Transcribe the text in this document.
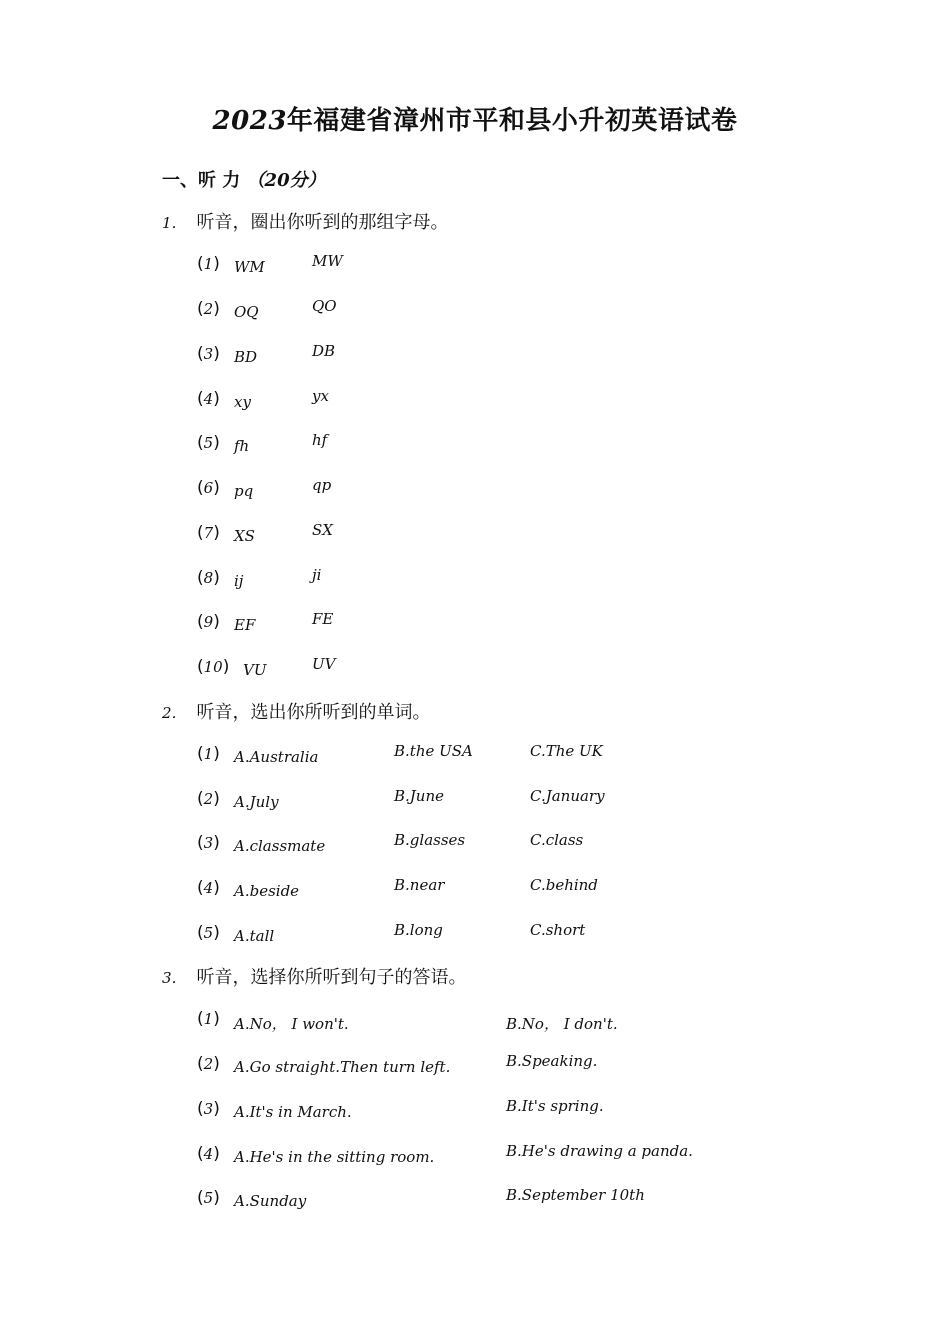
2023年福建省漳州市平和县小升初英语试卷
一、听 力 （20分）
1． 听音，圈出你听到的那组字母。
(1) WM	MW
(2) OQ	QO
(3) BD	DB
(4) xy	yx
(5) fh	hf
(6) pq	qp
(7) XS	SX
(8) ij	ji
(9) EF	FE
(10) VU	UV
2． 听音，选出你所听到的单词。
(1) A.Australia	B.the USA	C.The UK
(2) A.July	B.June	C.January
(3) A.classmate	B.glasses	C.class
(4) A.beside	B.near	C.behind
(5) A.tall	B.long	C.short
3． 听音，选择你所听到句子的答语。
(1) A.No， I won't.	B.No， I don't.
(2) A.Go straight.Then turn left.	B.Speaking.
(3) A.It's in March.	B.It's spring.
(4) A.He's in the sitting room.	B.He's drawing a panda.
(5) A.Sunday	B.September 10th
